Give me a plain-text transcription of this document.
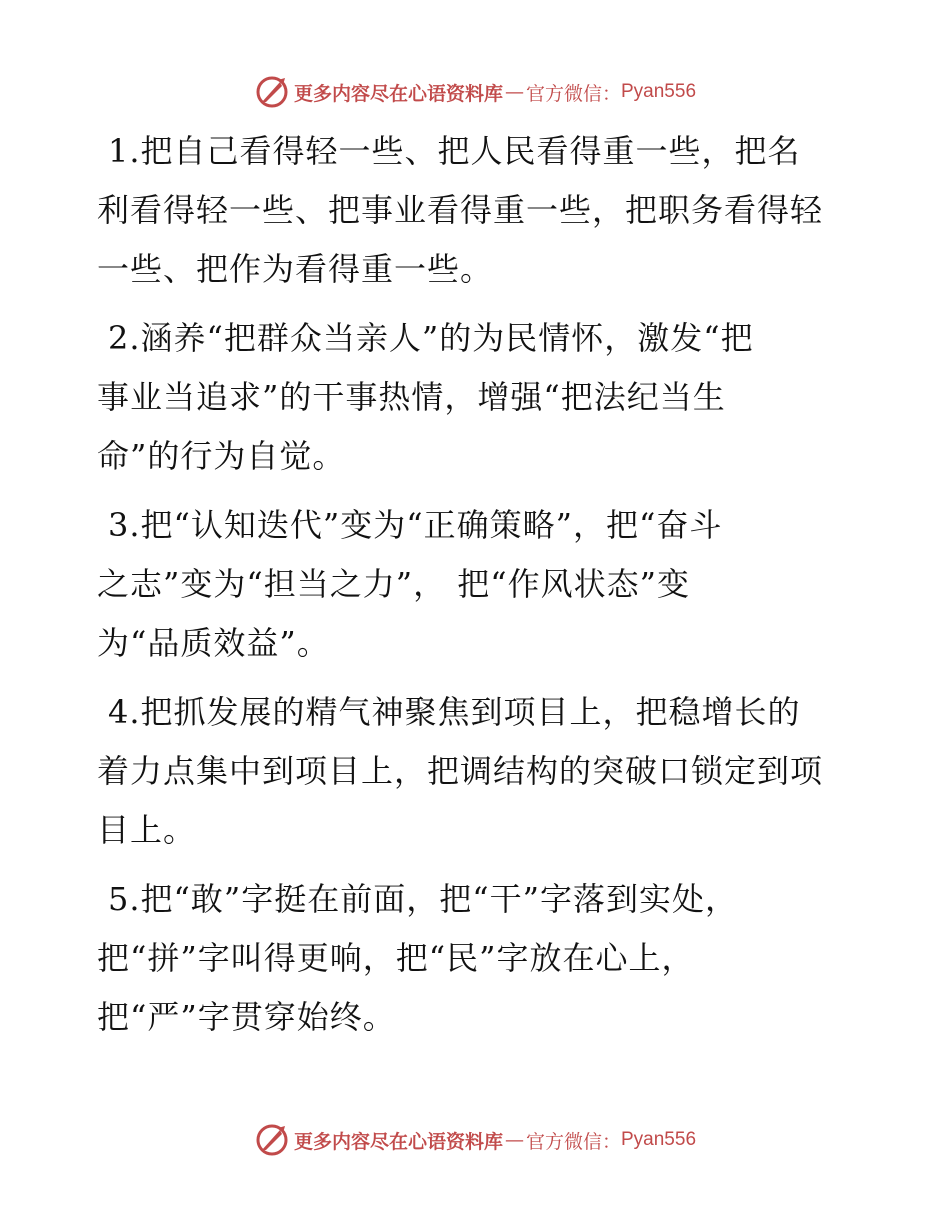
更多内容尽在心语资料库 — 官方微信： Pyan556

1.把自己看得轻一些、把人民看得重一些，把名
利看得轻一些、把事业看得重一些，把职务看得轻
一些、把作为看得重一些。

2.涵养“把群众当亲人”的为民情怀，激发“把
事业当追求”的干事热情，增强“把法纪当生
命”的行为自觉。

3.把“认知迭代”变为“正确策略”，把“奋斗
之志”变为“担当之力”， 把“作风状态”变
为“品质效益”。

4.把抓发展的精气神聚焦到项目上，把稳增长的
着力点集中到项目上，把调结构的突破口锁定到项
目上。

5.把“敢”字挺在前面，把“干”字落到实处，
把“拼”字叫得更响，把“民”字放在心上，
把“严”字贯穿始终。

更多内容尽在心语资料库 — 官方微信： Pyan556
